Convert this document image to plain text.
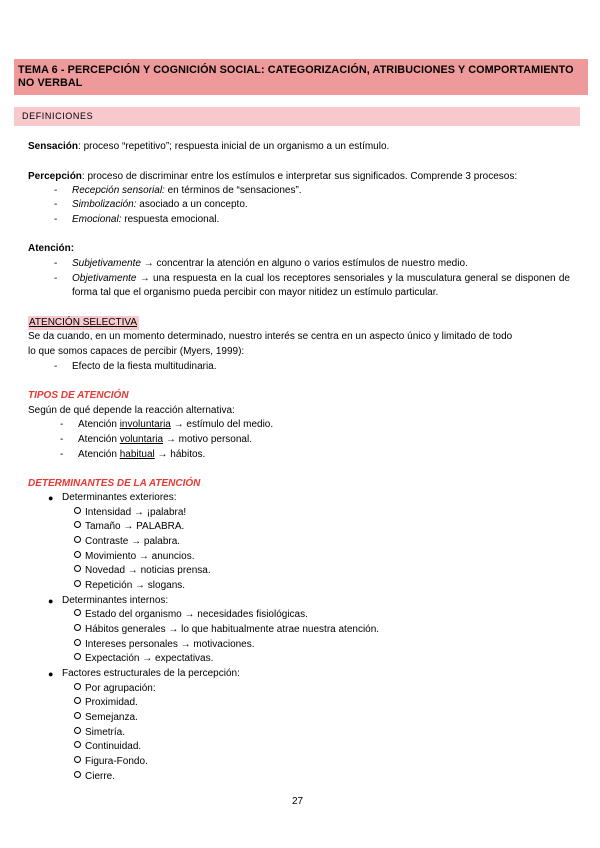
TEMA 6 - PERCEPCIÓN Y COGNICIÓN SOCIAL: CATEGORIZACIÓN, ATRIBUCIONES Y COMPORTAMIENTO NO VERBAL
DEFINICIONES
Sensación: proceso “repetitivo”; respuesta inicial de un organismo a un estímulo.
Percepción: proceso de discriminar entre los estímulos e interpretar sus significados. Comprende 3 procesos:
- Recepción sensorial: en términos de “sensaciones”.
- Simbolización: asociado a un concepto.
- Emocional: respuesta emocional.
Atención:
- Subjetivamente → concentrar la atención en alguno o varios estímulos de nuestro medio.
- Objetivamente → una respuesta en la cual los receptores sensoriales y la musculatura general se disponen de forma tal que el organismo pueda percibir con mayor nitidez un estímulo particular.
ATENCIÓN SELECTIVA
Se da cuando, en un momento determinado, nuestro interés se centra en un aspecto único y limitado de todo
lo que somos capaces de percibir (Myers, 1999):
- Efecto de la fiesta multitudinaria.
TIPOS DE ATENCIÓN
Según de qué depende la reacción alternativa:
- Atención involuntaria → estímulo del medio.
- Atención voluntaria → motivo personal.
- Atención habitual → hábitos.
DETERMINANTES DE LA ATENCIÓN
● Determinantes exteriores:
Intensidad → ¡palabra!
Tamaño → PALABRA.
Contraste → palabra.
Movimiento → anuncios.
Novedad → noticias prensa.
Repetición → slogans.
● Determinantes internos:
Estado del organismo → necesidades fisiológicas.
Hábitos generales → lo que habitualmente atrae nuestra atención.
Intereses personales → motivaciones.
Expectación → expectativas.
● Factores estructurales de la percepción:
Por agrupación:
Proximidad.
Semejanza.
Simetría.
Continuidad.
Figura-Fondo.
Cierre.
27
